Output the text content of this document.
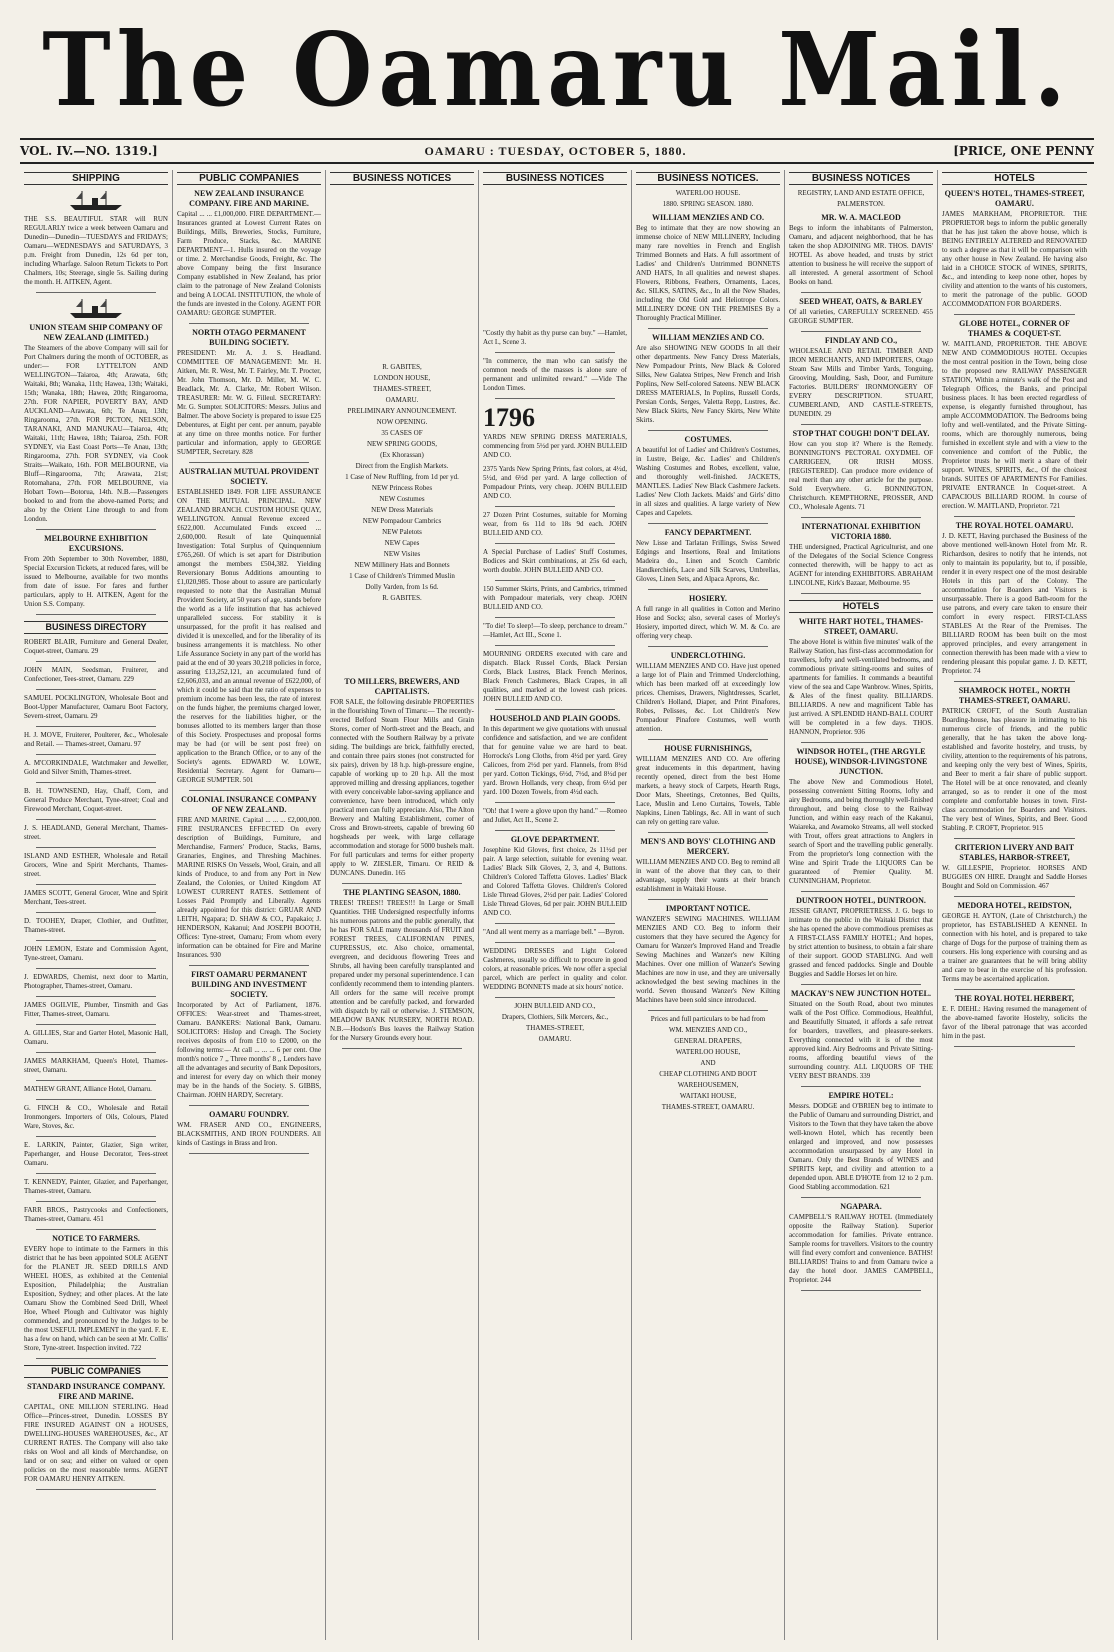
The Oamaru Mail.
VOL. IV.—NO. 1319.]	OAMARU : TUESDAY, OCTOBER 5, 1880.	[PRICE, ONE PENNY
SHIPPING
THE S.S. BEAUTIFUL STAR will RUN REGULARLY twice a week between Oamaru and Dunedin—Dunedin—TUESDAYS and FRIDAYS; Oamaru—WEDNESDAYS and SATURDAYS, 3 p.m. Freight from Dunedin, 12s 6d per ton, including Wharfage. Saloon Return Tickets to Port Chalmers, 10s; Steerage, single 5s. Sailing during the month. H. AITKEN, Agent.
UNION STEAM SHIP COMPANY OF NEW ZEALAND (LIMITED.)
The Steamers of the above Company will sail for Port Chalmers during the month of OCTOBER, as under:— FOR LYTTELTON AND WELLINGTON—Taiaroa, 4th; Arawata, 6th; Waitaki, 8th; Wanaka, 11th; Hawea, 13th; Waitaki, 15th; Wanaka, 18th; Hawea, 20th; Ringarooma, 27th. FOR NAPIER, POVERTY BAY, AND AUCKLAND—Arawata, 6th; Te Anau, 13th; Ringarooma, 27th. FOR PICTON, NELSON, TARANAKI, AND MANUKAU—Taiaroa, 4th; Waitaki, 11th; Hawea, 18th; Taiaroa, 25th. FOR SYDNEY, via East Coast Ports—Te Anau, 13th; Ringarooma, 27th. FOR SYDNEY, via Cook Straits—Waikato, 16th. FOR MELBOURNE, via Bluff—Ringarooma, 7th; Arawata, 21st; Rotomahana, 27th. FOR MELBOURNE, via Hobart Town—Botorua, 14th. N.B.—Passengers booked to and from the above-named Ports; and also by the Orient Line through to and from London.
MELBOURNE EXHIBITION EXCURSIONS.
From 20th September to 30th November, 1880, Special Excursion Tickets, at reduced fares, will be issued to Melbourne, available for two months from date of issue. For fares and further particulars, apply to H. AITKEN, Agent for the Union S.S. Company.
BUSINESS DIRECTORY
ROBERT BLAIR, Furniture and General Dealer, Coquet-street, Oamaru. 29
JOHN MAIN, Seedsman, Fruiterer, and Confectioner, Tees-street, Oamaru. 229
SAMUEL POCKLINGTON, Wholesale Boot and Boot-Upper Manufacturer, Oamaru Boot Factory, Severn-street, Oamaru. 29
H. J. MOVE, Fruiterer, Poulterer, &c., Wholesale and Retail. — Thames-street, Oamaru. 97
A. M'CORKINDALE, Watchmaker and Jeweller, Gold and Silver Smith, Thames-street.
B. H. TOWNSEND, Hay, Chaff, Corn, and General Produce Merchant, Tyne-street; Coal and Firewood Merchant, Coquet-street.
J. S. HEADLAND, General Merchant, Thames-street.
ISLAND AND ESTHER, Wholesale and Retail Grocers, Wine and Spirit Merchants, Thames-street.
JAMES SCOTT, General Grocer, Wine and Spirit Merchant, Tees-street.
D. TOOHEY, Draper, Clothier, and Outfitter, Thames-street.
JOHN LEMON, Estate and Commission Agent, Tyne-street, Oamaru.
J. EDWARDS, Chemist, next door to Martin, Photographer, Thames-street, Oamaru.
JAMES OGILVIE, Plumber, Tinsmith and Gas Fitter, Thames-street, Oamaru.
A. GILLIES, Star and Garter Hotel, Masonic Hall, Oamaru.
JAMES MARKHAM, Queen's Hotel, Thames-street, Oamaru.
MATHEW GRANT, Alliance Hotel, Oamaru.
G. FINCH & CO., Wholesale and Retail Ironmongers. Importers of Oils, Colours, Plated Ware, Stoves, &c.
E. LARKIN, Painter, Glazier, Sign writer, Paperhanger, and House Decorator, Tees-street Oamaru.
T. KENNEDY, Painter, Glazier, and Paperhanger, Thames-street, Oamaru.
FARR BROS., Pastrycooks and Confectioners, Thames-street, Oamaru. 451
NOTICE TO FARMERS.
EVERY hope to intimate to the Farmers in this district that he has been appointed SOLE AGENT for the PLANET JR. SEED DRILLS AND WHEEL HOES, as exhibited at the Centenial Exposition, Philadelphia; the Australian Exposition, Sydney; and other places. At the late Oamaru Show the Combined Seed Drill, Wheel Hoe, Wheel Plough and Cultivator was highly commended, and pronounced by the Judges to be the most USEFUL IMPLEMENT in the yard. F. E. has a few on hand, which can be seen at Mr. Collis' Store, Tyne-street. Inspection invited. 722
PUBLIC COMPANIES
STANDARD INSURANCE COMPANY. FIRE AND MARINE.
CAPITAL, ONE MILLION STERLING. Head Office—Princes-street, Dunedin. LOSSES BY FIRE INSURED AGAINST ON a HOUSES, DWELLING-HOUSES WAREHOUSES, &c., AT CURRENT RATES. The Company will also take risks on Wool and all kinds of Merchandise, on land or on sea; and either on valued or open policies on the most reasonable terms. AGENT FOR OAMARU HENRY AITKEN.
PUBLIC COMPANIES
NEW ZEALAND INSURANCE COMPANY. FIRE AND MARINE.
Capital ... ... £1,000,000. FIRE DEPARTMENT.—Insurances granted at Lowest Current Rates on Buildings, Mills, Breweries, Stocks, Furniture, Farm Produce, Stacks, &c. MARINE DEPARTMENT—1. Hulls insured on the voyage or time. 2. Merchandise Goods, Freight, &c. The above Company being the first Insurance Company established in New Zealand, has prior claim to the patronage of New Zealand Colonists and being A LOCAL INSTITUTION, the whole of the funds are invested in the Colony. AGENT FOR OAMARU: GEORGE SUMPTER.
NORTH OTAGO PERMANENT BUILDING SOCIETY.
PRESIDENT: Mr. A. J. S. Headland. COMMITTEE OF MANAGEMENT: Mr. H. Aitken, Mr. R. West, Mr. T. Fairley, Mr. T. Procter, Mr. John Thomson, Mr. D. Miller, M. W. C. Beadlack, Mr. A. Clarke, Mr. Robert Wilson. TREASURER: Mr. W. G. Filleul. SECRETARY: Mr. G. Sumpter. SOLICITORS: Messrs. Julius and Balmer. The above Society is prepared to issue £25 Debentures, at Eight per cent. per annum, payable at any time on three months notice. For further particular and information, apply to GEORGE SUMPTER, Secretary. 828
AUSTRALIAN MUTUAL PROVIDENT SOCIETY.
ESTABLISHED 1849. FOR LIFE ASSURANCE ON THE MUTUAL PRINCIPAL. NEW ZEALAND BRANCH. CUSTOM HOUSE QUAY, WELLINGTON. Annual Revenue exceed ... £622,000. Accumulated Funds exceed ... 2,600,000. Result of late Quinquennial Investigation: Total Surplus of Quinquennium £765,260. Of which is set apart for Distribution amongst the members £504,382. Yielding Reversionary Bonus Additions amounting to £1,020,985. Those about to assure are particularly requested to note that the Australian Mutual Provident Society, at 50 years of age, stands before the world as a life institution that has achieved unparalleled success. For stability it is unsurpassed, for the profit it has realised and divided it is unexcelled, and for the liberality of its business arrangements it is matchless. No other Life Assurance Society in any part of the world has paid at the end of 30 years 30,218 policies in force, assuring £13,252,121, an accumulated fund of £2,606,033, and an annual revenue of £622,000, of which it could be said that the ratio of expenses to premium income has been less, the rate of interest on the funds higher, the premiums charged lower, the reserves for the liabilities higher, or the bonuses allotted to its members larger than those of this Society. Prospectuses and proposal forms may be had (or will be sent post free) on application to the Branch Office, or to any of the Society's agents. EDWARD W. LOWE, Residential Secretary. Agent for Oamaru— GEORGE SUMPTER. 501
COLONIAL INSURANCE COMPANY OF NEW ZEALAND.
FIRE AND MARINE. Capital ... ... ... £2,000,000. FIRE INSURANCES EFFECTED On every description of Buildings, Furniture, and Merchandise, Farmers' Produce, Stacks, Barns, Granaries, Engines, and Threshing Machines. MARINE RISKS On Vessels, Wool, Grain, and all kinds of Produce, to and from any Port in New Zealand, the Colonies, or United Kingdom AT LOWEST CURRENT RATES. Settlement of Losses Paid Promptly and Liberally. Agents already appointed for this district: GRUAR AND LEITH, Ngapara; D. SHAW & CO., Papakaio; J. HENDERSON, Kakanui; And JOSEPH BOOTH, Offices: Tyne-street, Oamaru; From whom every information can be obtained for Fire and Marine Insurances. 930
FIRST OAMARU PERMANENT BUILDING AND INVESTMENT SOCIETY.
Incorporated by Act of Parliament, 1876. OFFICES: Wear-street and Thames-street, Oamaru. BANKERS: National Bank, Oamaru. SOLICITORS: Hislop and Creagh. The Society receives deposits of from £10 to £2000, on the following terms:— At call ... ... ... 6 per cent. One month's notice 7 ,, Three months' 8 ,, Lenders have all the advantages and security of Bank Depositors, and interest for every day on which their money may be in the hands of the Society. S. GIBBS, Chairman. JOHN HARDY, Secretary.
OAMARU FOUNDRY.
WM. FRASER AND CO., ENGINEERS, BLACKSMITHS, AND IRON FOUNDERS. All kinds of Castings in Brass and Iron.
BUSINESS NOTICES
R. GABITES,
LONDON HOUSE,
THAMES-STREET,
OAMARU.
PRELIMINARY ANNOUNCEMENT.
NOW OPENING.
35 CASES OF
NEW SPRING GOODS,
(Ex Khorassan)
Direct from the English Markets.
1 Case of New Ruffling, from 1d per yd.
NEW Princess Robes
NEW Costumes
NEW Dress Materials
NEW Pompadour Cambrics
NEW Paletots
NEW Capes
NEW Visites
NEW Millinery Hats and Bonnets
1 Case of Children's Trimmed Muslin
Dolly Varden, from 1s 6d.
R. GABITES.
TO MILLERS, BREWERS, AND CAPITALISTS.
FOR SALE, the following desirable PROPERTIES in the flourishing Town of Timaru:— The recently-erected Belford Steam Flour Mills and Grain Stores, corner of North-street and the Beach, and connected with the Southern Railway by a private siding. The buildings are brick, faithfully erected, and contain three pairs stones (not constructed for six pairs), driven by 18 h.p. high-pressure engine, capable of working up to 20 h.p. All the most approved milling and dressing appliances, together with every conceivable labor-saving appliance and convenience, have been introduced, which only practical men can fully appreciate. Also, The Alton Brewery and Malting Establishment, corner of Cross and Brown-streets, capable of brewing 60 hogsheads per week, with large cellarage accommodation and storage for 5000 bushels malt. For full particulars and terms for either property apply to W. ZIESLER, Timaru. Or REID & DUNCANS. Dunedin. 165
THE PLANTING SEASON, 1880.
TREES! TREES!! TREES!!! In Large or Small Quantities. THE Undersigned respectfully informs his numerous patrons and the public generally, that he has FOR SALE many thousands of FRUIT and FOREST TREES, CALIFORNIAN PINES, CUPRESSUS, etc. Also choice, ornamental, evergreen, and deciduous flowering Trees and Shrubs, all having been carefully transplanted and prepared under my personal superintendence. I can confidently recommend them to intending planters. All orders for the same will receive prompt attention and be carefully packed, and forwarded with dispatch by rail or otherwise. J. STEMSON, MEADOW BANK NURSERY, NORTH ROAD. N.B.—Hodson's Bus leaves the Railway Station for the Nursery Grounds every hour.
BUSINESS NOTICES
"Costly thy habit as thy purse can buy." —Hamlet, Act I., Scene 3.
"In commerce, the man who can satisfy the common needs of the masses is alone sure of permanent and unlimited reward." —Vide The London Times.
1796
YARDS NEW SPRING DRESS MATERIALS, commencing from 5½d per yard. JOHN BULLEID AND CO.
2375 Yards New Spring Prints, fast colors, at 4½d, 5½d, and 6½d per yard. A large collection of Pompadour Prints, very cheap. JOHN BULLEID AND CO.
27 Dozen Print Costumes, suitable for Morning wear, from 6s 11d to 18s 9d each. JOHN BULLEID AND CO.
A Special Purchase of Ladies' Stuff Costumes, Bodices and Skirt combinations, at 25s 6d each, worth double. JOHN BULLEID AND CO.
150 Summer Skirts, Prints, and Cambrics, trimmed with Pompadour materials, very cheap. JOHN BULLEID AND CO.
"To die! To sleep!—To sleep, perchance to dream." —Hamlet, Act III., Scene 1.
MOURNING ORDERS executed with care and dispatch. Black Russel Cords, Black Persian Cords, Black Lustres, Black French Merinos, Black French Cashmeres, Black Crapes, in all qualities, and marked at the lowest cash prices. JOHN BULLEID AND CO.
HOUSEHOLD AND PLAIN GOODS.
In this department we give quotations with unusual confidence and satisfaction, and we are confident that for genuine value we are hard to beat. Horrocks's Long Cloths, from 4½d per yard. Grey Calicoes, from 2½d per yard. Flannels, from 8½d per yard. Cotton Tickings, 6½d, 7½d, and 8½d per yard. Brown Hollands, very cheap, from 6½d per yard. 100 Dozen Towels, from 4½d each.
"Oh! that I were a glove upon thy hand." —Romeo and Juliet, Act II., Scene 2.
GLOVE DEPARTMENT.
Josephine Kid Gloves, first choice, 2s 11½d per pair. A large selection, suitable for evening wear. Ladies' Black Silk Gloves, 2, 3, and 4, Buttons. Children's Colored Taffetta Gloves. Ladies' Black and Colored Taffetta Gloves. Children's Colored Lisle Thread Gloves, 2½d per pair. Ladies' Colored Lisle Thread Gloves, 6d per pair. JOHN BULLEID AND CO.
"And all went merry as a marriage bell." —Byron.
WEDDING DRESSES and Light Colored Cashmeres, usually so difficult to procure in good colors, at reasonable prices. We now offer a special parcel, which are perfect in quality and color. WEDDING BONNETS made at six hours' notice.
JOHN BULLEID AND CO.,
Drapers, Clothiers, Silk Mercers, &c.,
THAMES-STREET,
OAMARU.
BUSINESS NOTICES.
WATERLOO HOUSE.
1880. SPRING SEASON. 1880.
WILLIAM MENZIES AND CO.
Beg to intimate that they are now showing an immense choice of NEW MILLINERY, Including many rare novelties in French and English Trimmed Bonnets and Hats. A full assortment of Ladies' and Children's Untrimmed BONNETS AND HATS, In all qualities and newest shapes. Flowers, Ribbons, Feathers, Ornaments, Laces, &c. SILKS, SATINS, &c., In all the New Shades, including the Old Gold and Heliotrope Colors. MILLINERY DONE ON THE PREMISES By a Thoroughly Practical Milliner.
WILLIAM MENZIES AND CO.
Are also SHOWING NEW GOODS In all their other departments. New Fancy Dress Materials, New Pompadour Prints, New Black & Colored Silks, New Galatea Stripes, New French and Irish Poplins, New Self-colored Sateens. NEW BLACK DRESS MATERIALS, In Poplins, Russell Cords, Persian Cords, Serges, Valetta Repp, Lustres, &c. New Black Skirts, New Fancy Skirts, New White Skirts.
COSTUMES.
A beautiful lot of Ladies' and Children's Costumes, in Lustre, Beige, &c. Ladies' and Children's Washing Costumes and Robes, excellent, value, and thoroughly well-finished. JACKETS, MANTLES. Ladies' New Black Cashmere Jackets. Ladies' New Cloth Jackets. Maids' and Girls' ditto in all sizes and qualities. A large variety of New Capes and Capelets.
FANCY DEPARTMENT.
New Lisse and Tarlatan Frillings, Swiss Sewed Edgings and Insertions, Real and Imitations Madeira do., Linen and Scotch Cambric Handkerchiefs, Lace and Silk Scarves, Umbrellas, Gloves, Linen Sets, and Alpaca Aprons, &c.
HOSIERY.
A full range in all qualities in Cotton and Merino Hose and Socks; also, several cases of Morley's Hosiery, imported direct, which W. M. & Co. are offering very cheap.
UNDERCLOTHING.
WILLIAM MENZIES AND CO. Have just opened a large lot of Plain and Trimmed Underclothing, which has been marked off at exceedingly low prices. Chemises, Drawers, Nightdresses, Scarlet, Children's Holland, Diaper, and Print Pinafores, Robes, Pelisses, &c. Lot Children's New Pompadour Pinafore Costumes, well worth attention.
HOUSE FURNISHINGS,
WILLIAM MENZIES AND CO. Are offering great inducements in this department, having recently opened, direct from the best Home markets, a heavy stock of Carpets, Hearth Rugs, Door Mats, Sheetings, Cretonnes, Bed Quilts, Lace, Muslin and Leno Curtains, Towels, Table Napkins, Linen Tablings, &c. All in want of such can rely on getting rare value.
MEN'S AND BOYS' CLOTHING AND MERCERY.
WILLIAM MENZIES AND CO. Beg to remind all in want of the above that they can, to their advantage, supply their wants at their branch establishment in Waitaki House.
IMPORTANT NOTICE.
WANZER'S SEWING MACHINES. WILLIAM MENZIES AND CO. Beg to inform their customers that they have secured the Agency for Oamaru for Wanzer's Improved Hand and Treadle Sewing Machines and Wanzer's new Kilting Machines. Over one million of Wanzer's Sewing Machines are now in use, and they are universally acknowledged the best sewing machines in the world. Seven thousand Wanzer's New Kilting Machines have been sold since introduced.
Prices and full particulars to be had from
WM. MENZIES AND CO.,
GENERAL DRAPERS,
WATERLOO HOUSE,
AND
CHEAP CLOTHING AND BOOT
WAREHOUSEMEN,
WAITAKI HOUSE,
THAMES-STREET, OAMARU.
BUSINESS NOTICES
REGISTRY, LAND AND ESTATE OFFICE,
PALMERSTON.
MR. W. A. MACLEOD
Begs to inform the inhabitants of Palmerston, Oamaru, and adjacent neighborhood, that he has taken the shop ADJOINING MR. THOS. DAVIS' HOTEL As above headed, and trusts by strict attention to business he will receive the support of all interested. A general assortment of School Books on hand.
SEED WHEAT, OATS, & BARLEY
Of all varieties, CAREFULLY SCREENED. 455 GEORGE SUMPTER.
FINDLAY AND CO.,
WHOLESALE AND RETAIL TIMBER AND IRON MERCHANTS, AND IMPORTERS, Otago Steam Saw Mills and Timber Yards, Tonguing, Grooving, Moulding, Sash, Door, and Furniture Factories. BUILDERS' IRONMONGERY OF EVERY DESCRIPTION. STUART, CUMBERLAND, AND CASTLE-STREETS, DUNEDIN. 29
STOP THAT COUGH! DON'T DELAY.
How can you stop it? Where is the Remedy. BONNINGTON'S PECTORAL OXYDMEL OF CARRIGEEN, OR IRISH MOSS. [REGISTERED]. Can produce more evidence of real merit than any other article for the purpose. Sold Everywhere. G. BONNINGTON, Christchurch. KEMPTHORNE, PROSSER, AND CO., Wholesale Agents. 71
INTERNATIONAL EXHIBITION VICTORIA 1880.
THE undersigned, Practical Agriculturist, and one of the Delegates of the Social Science Congress connected therewith, will be happy to act as AGENT for intending EXHIBITORS. ABRAHAM LINCOLNE, Kirk's Bazaar, Melbourne. 95
HOTELS
WHITE HART HOTEL, THAMES-STREET, OAMARU.
The above Hotel is within five minutes' walk of the Railway Station, has first-class accommodation for travellers, lofty and well-ventilated bedrooms, and commodious private sitting-rooms and suites of apartments for families. It commands a beautiful view of the sea and Cape Wanbrow. Wines, Spirits, & Ales of the finest quality. BILLIARDS. BILLIARDS. A new and magnificent Table has just arrived. A SPLENDID HAND-BALL COURT will be completed in a few days. THOS. HANNON, Proprietor. 936
WINDSOR HOTEL, (THE ARGYLE HOUSE), WINDSOR-LIVINGSTONE JUNCTION.
The above New and Commodious Hotel, possessing convenient Sitting Rooms, lofty and airy Bedrooms, and being thoroughly well-finished throughout, and being close to the Railway Junction, and within easy reach of the Kakanui, Waiareka, and Awamoko Streams, all well stocked with Trout, offers great attractions to Anglers in search of Sport and the travelling public generally. From the proprietor's long connection with the Wine and Spirit Trade the LIQUORS Can be guaranteed of Premier Quality. M. CUNNINGHAM, Proprietor.
DUNTROON HOTEL, DUNTROON.
JESSIE GRANT, PROPRIETRESS. J. G. begs to intimate to the public in the Waitaki District that she has opened the above commodious premises as A FIRST-CLASS FAMILY HOTEL; And hopes, by strict attention to business, to obtain a fair share of their support. GOOD STABLING. And well grassed and fenced paddocks. Single and Double Buggies and Saddle Horses let on hire.
MACKAY'S NEW JUNCTION HOTEL.
Situated on the South Road, about two minutes walk of the Post Office. Commodious, Healthful, and Beautifully Situated, it affords a safe retreat for boarders, travellers, and pleasure-seekers. Everything connected with it is of the most approved kind. Airy Bedrooms and Private Sitting-rooms, affording beautiful views of the surrounding country. ALL LIQUORS OF THE VERY BEST BRANDS. 339
EMPIRE HOTEL:
Messrs. DODGE and O'BRIEN beg to intimate to the Public of Oamaru and surrounding District, and Visitors to the Town that they have taken the above well-known Hotel, which has recently been enlarged and improved, and now possesses accommodation unsurpassed by any Hotel in Oamaru. Only the Best Brands of WINES and SPIRITS kept, and civility and attention to a depended upon. ABLE D'HOTE from 12 to 2 p.m. Good Stabling accommodation. 621
NGAPARA.
CAMPBELL'S RAILWAY HOTEL (Immediately opposite the Railway Station). Superior accommodation for families. Private entrance. Sample rooms for travellers. Visitors to the country will find every comfort and convenience. BATHS! BILLIARDS! Trains to and from Oamaru twice a day the hotel door. JAMES CAMPBELL, Proprietor. 244
HOTELS
QUEEN'S HOTEL, THAMES-STREET, OAMARU.
JAMES MARKHAM, PROPRIETOR. THE PROPRIETOR begs to inform the public generally that he has just taken the above house, which is BEING ENTIRELY ALTERED and RENOVATED to such a degree as that it will be comparison with any other house in New Zealand. He having also laid in a CHOICE STOCK of WINES, SPIRITS, &c., and intending to keep none other, hopes by civility and attention to the wants of his customers, to merit the patronage of the public. GOOD ACCOMMODATION FOR BOARDERS.
GLOBE HOTEL, CORNER OF THAMES & COQUET-ST.
W. MAITLAND, PROPRIETOR. THE ABOVE NEW AND COMMODIOUS HOTEL Occupies the most central position in the Town, being close to the proposed new RAILWAY PASSENGER STATION, Within a minute's walk of the Post and Telegraph Offices, the Banks, and principal business places. It has been erected regardless of expense, is elegantly furnished throughout, has ample ACCOMMODATION. The Bedrooms being lofty and well-ventilated, and the Private Sitting-rooms, which are thoroughly numerous, being furnished in excellent style and with a view to the convenience and comfort of the Public, the Proprietor trusts he will merit a share of their support. WINES, SPIRITS, &c., Of the choicest brands. SUITES OF APARTMENTS For Families. PRIVATE ENTRANCE In Coquet-street. A CAPACIOUS BILLIARD ROOM. In course of erection. W. MAITLAND, Proprietor. 721
THE ROYAL HOTEL OAMARU.
J. D. KETT, Having purchased the Business of the above mentioned well-known Hotel from Mr. R. Richardson, desires to notify that he intends, not only to maintain its popularity, but to, if possible, render it in every respect one of the most desirable Hotels in this part of the Colony. The accommodation for Boarders and Visitors is unsurpassable. There is a good Bath-room for the use patrons, and every care taken to ensure their comfort in every respect. FIRST-CLASS STABLES At the Rear of the Premises. The BILLIARD ROOM has been built on the most approved principles, and every arrangement in connection therewith has been made with a view to rendering pleasant this popular game. J. D. KETT, Proprietor. 74
SHAMROCK HOTEL, NORTH THAMES-STREET, OAMARU.
PATRICK CROFT, of the South Australian Boarding-house, has pleasure in intimating to his numerous circle of friends, and the public generally, that he has taken the above long-established and favorite hostelry, and trusts, by civility, attention to the requirements of his patrons, and keeping only the very best of Wines, Spirits, and Beer to merit a fair share of public support. The Hotel will be at once renovated, and cleanly arranged, so as to render it one of the most complete and comfortable houses in town. First-class accommodation for Boarders and Visitors. The very best of Wines, Spirits, and Beer. Good Stabling. P. CROFT, Proprietor. 915
CRITERION LIVERY AND BAIT STABLES, HARBOR-STREET,
W. GILLESPIE, Proprietor. HORSES AND BUGGIES ON HIRE. Draught and Saddle Horses Bought and Sold on Commission. 467
MEDORA HOTEL, REIDSTON,
GEORGE H. AYTON, (Late of Christchurch,) the proprietor, has ESTABLISHED A KENNEL In connection with his hotel, and is prepared to take charge of Dogs for the purpose of training them as coursers. His long experience with coursing and as a trainer are guarantees that he will bring ability and care to bear in the exercise of his profession. Terms may be ascertained application.
THE ROYAL HOTEL HERBERT,
E. F. DIEHL: Having resumed the management of the above-named favorite Hostelry, solicits the favor of the liberal patronage that was accorded him in the past.
